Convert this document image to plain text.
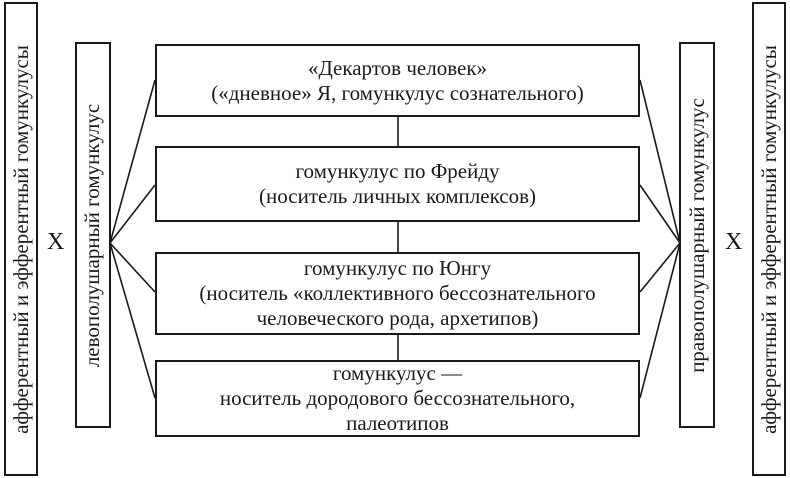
афферентный и эфферентный гомункулусы Х левополушарный гомункулус	правополушарный гомункулус Х афферентный и эфферентный гомункулусы
«Декартов человек»
(«дневное» Я, гомункулус сознательного)
гомункулус по Фрейду
(носитель личных комплексов)
гомункулус по Юнгу
(носитель «коллективного бессознательного
человеческого рода, архетипов)
гомункулус —
носитель дородового бессознательного,
палеотипов
